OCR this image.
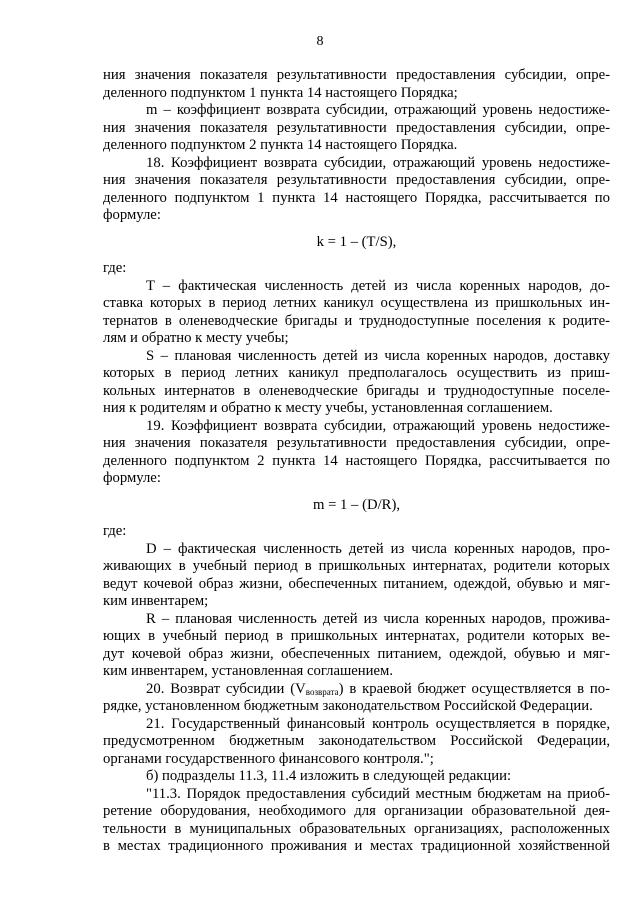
8
ния значения показателя результативности предоставления субсидии, опре-
деленного подпунктом 1 пункта 14 настоящего Порядка;
m – коэффициент возврата субсидии, отражающий уровень недостиже-
ния значения показателя результативности предоставления субсидии, опре-
деленного подпунктом 2 пункта 14 настоящего Порядка.
18. Коэффициент возврата субсидии, отражающий уровень недостиже-
ния значения показателя результативности предоставления субсидии, опре-
деленного подпунктом 1 пункта 14 настоящего Порядка, рассчитывается по
формуле:
k = 1 – (T/S),
где:
T – фактическая численность детей из числа коренных народов, до-
ставка которых в период летних каникул осуществлена из пришкольных ин-
тернатов в оленеводческие бригады и труднодоступные поселения к родите-
лям и обратно к месту учебы;
S – плановая численность детей из числа коренных народов, доставку
которых в период летних каникул предполагалось осуществить из приш-
кольных интернатов в оленеводческие бригады и труднодоступные поселе-
ния к родителям и обратно к месту учебы, установленная соглашением.
19. Коэффициент возврата субсидии, отражающий уровень недостиже-
ния значения показателя результативности предоставления субсидии, опре-
деленного подпунктом 2 пункта 14 настоящего Порядка, рассчитывается по
формуле:
m = 1 – (D/R),
где:
D – фактическая численность детей из числа коренных народов, про-
живающих в учебный период в пришкольных интернатах, родители которых
ведут кочевой образ жизни, обеспеченных питанием, одеждой, обувью и мяг-
ким инвентарем;
R – плановая численность детей из числа коренных народов, прожива-
ющих в учебный период в пришкольных интернатах, родители которых ве-
дут кочевой образ жизни, обеспеченных питанием, одеждой, обувью и мяг-
ким инвентарем, установленная соглашением.
20. Возврат субсидии $(V_{возврата})$ в краевой бюджет осуществляется в по-
рядке, установленном бюджетным законодательством Российской Федерации.
21. Государственный финансовый контроль осуществляется в порядке,
предусмотренном бюджетным законодательством Российской Федерации,
органами государственного финансового контроля.";
б) подразделы 11.3, 11.4 изложить в следующей редакции:
"11.3. Порядок предоставления субсидий местным бюджетам на приоб-
ретение оборудования, необходимого для организации образовательной дея-
тельности в муниципальных образовательных организациях, расположенных
в местах традиционного проживания и местах традиционной хозяйственной
